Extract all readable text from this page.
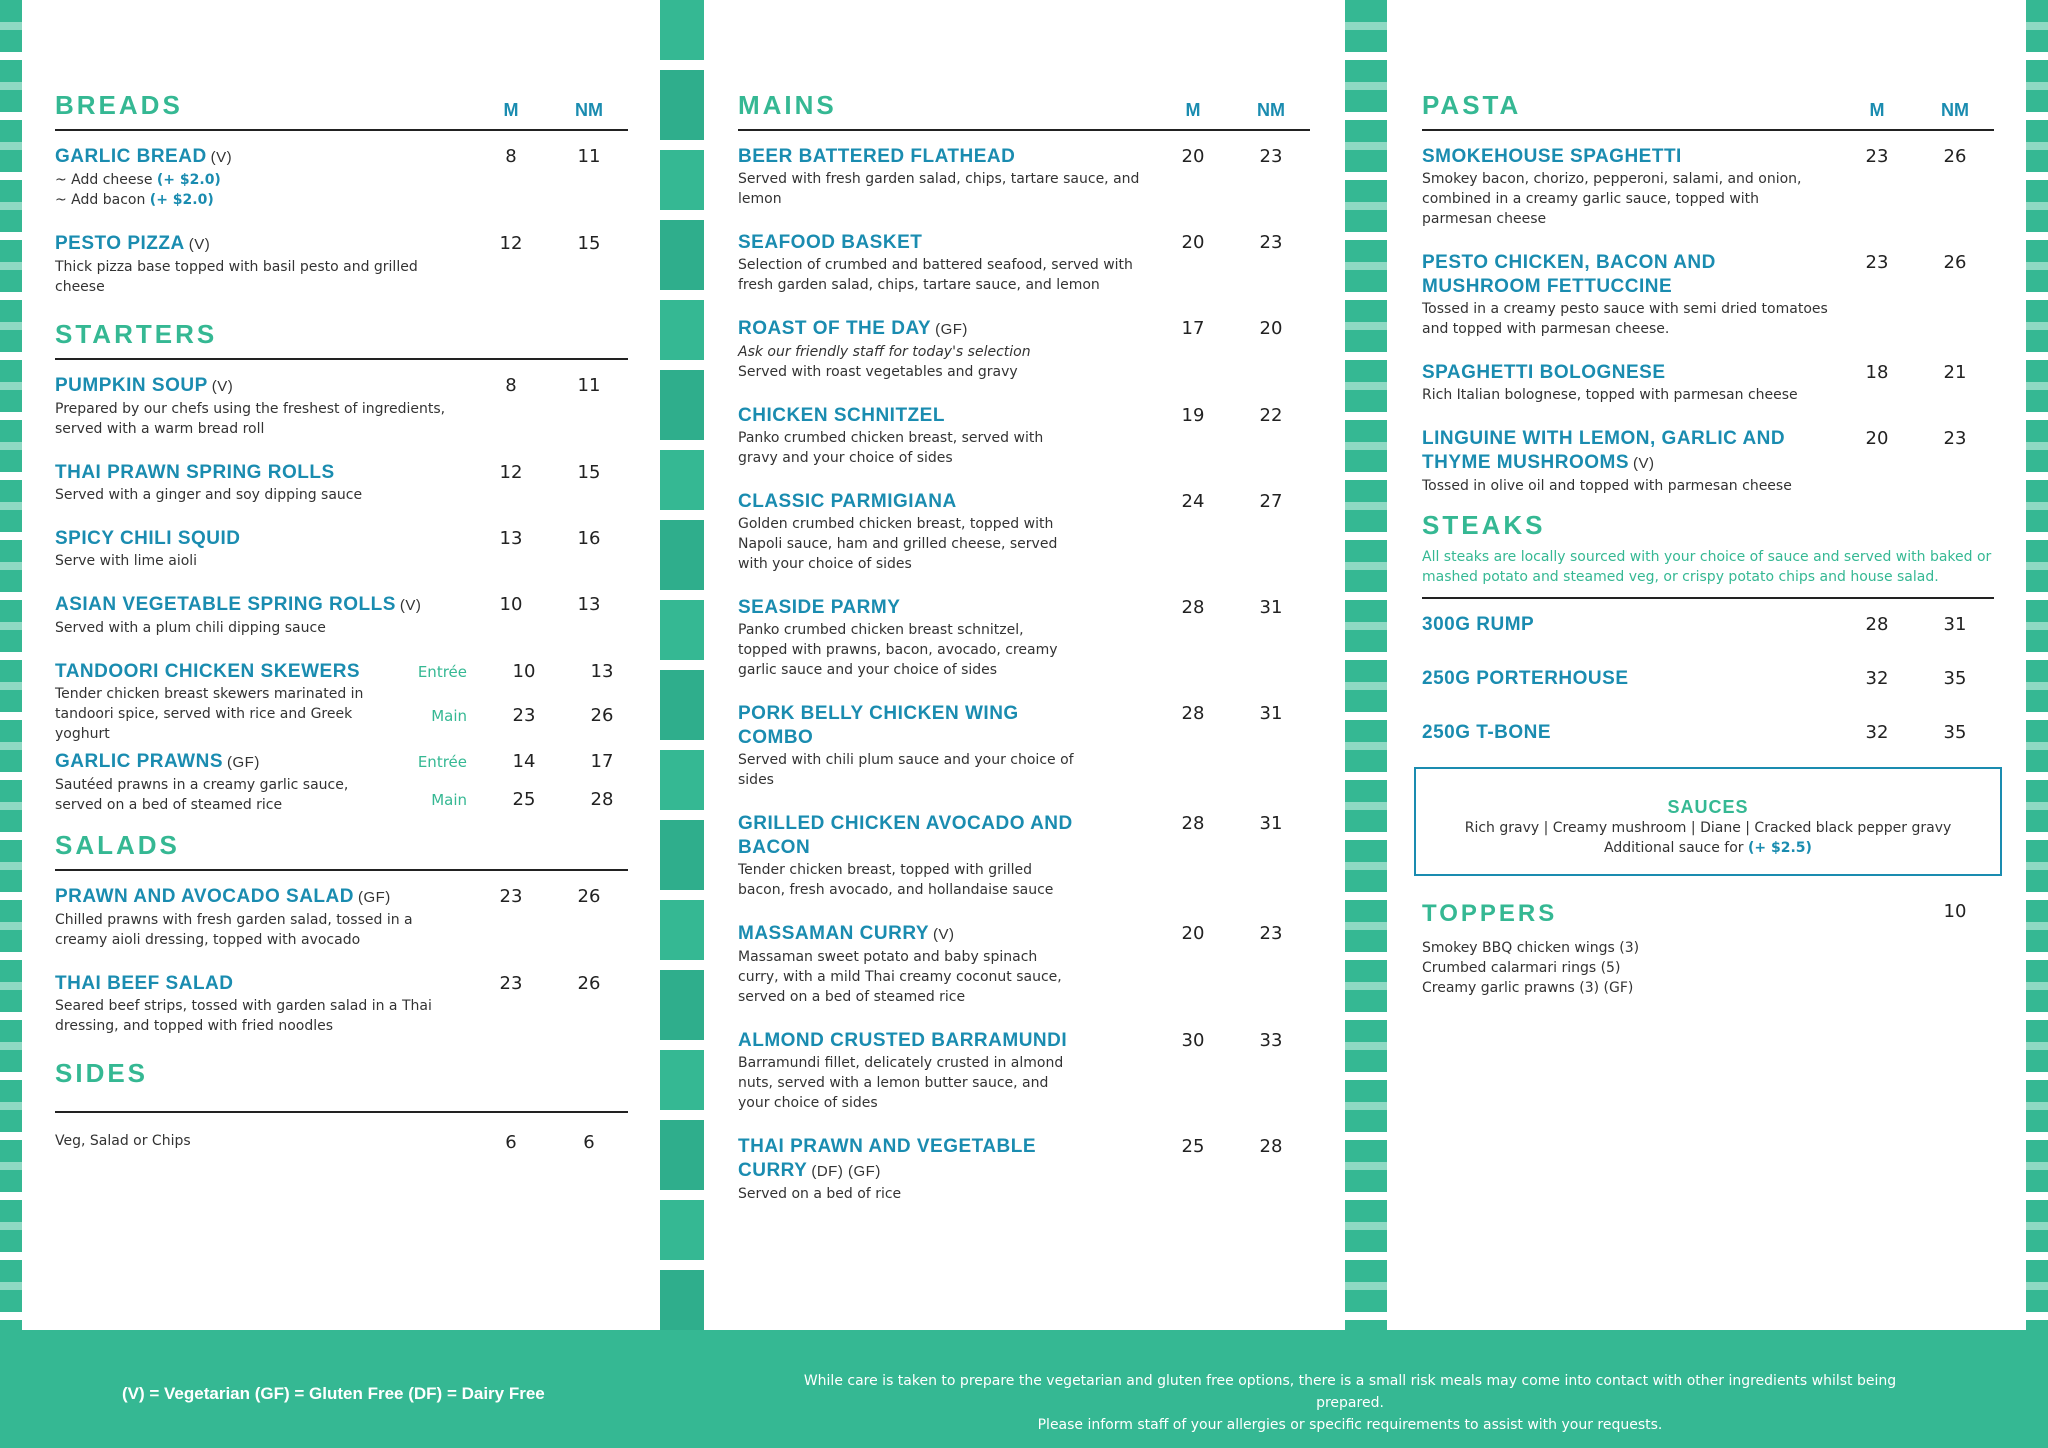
BREADS	M	NM
GARLIC BREAD (V)
~ Add cheese (+ $2.0)
~ Add bacon (+ $2.0)
8	11
PESTO PIZZA (V)
Thick pizza base topped with basil pesto and grilled cheese
12	15
STARTERS
PUMPKIN SOUP (V)
Prepared by our chefs using the freshest of ingredients, served with a warm bread roll
8	11
THAI PRAWN SPRING ROLLS
Served with a ginger and soy dipping sauce
12	15
SPICY CHILI SQUID
Serve with lime aioli
13	16
ASIAN VEGETABLE SPRING ROLLS (V)
Served with a plum chili dipping sauce
10	13
TANDOORI CHICKEN SKEWERS
Tender chicken breast skewers marinated in tandoori spice, served with rice and Greek yoghurt
Entrée	10	13
Main	23	26
GARLIC PRAWNS (GF)
Sautéed prawns in a creamy garlic sauce, served on a bed of steamed rice
Entrée	14	17
Main	25	28
SALADS
PRAWN AND AVOCADO SALAD (GF)
Chilled prawns with fresh garden salad, tossed in a creamy aioli dressing, topped with avocado
23	26
THAI BEEF SALAD
Seared beef strips, tossed with garden salad in a Thai dressing, and topped with fried noodles
23	26
SIDES
Veg, Salad or Chips	6	6
MAINS	M	NM
BEER BATTERED FLATHEAD
Served with fresh garden salad, chips, tartare sauce, and lemon
20	23
SEAFOOD BASKET
Selection of crumbed and battered seafood, served with fresh garden salad, chips, tartare sauce, and lemon
20	23
ROAST OF THE DAY (GF)
Ask our friendly staff for today's selection
Served with roast vegetables and gravy
17	20
CHICKEN SCHNITZEL
Panko crumbed chicken breast, served with gravy and your choice of sides
19	22
CLASSIC PARMIGIANA
Golden crumbed chicken breast, topped with Napoli sauce, ham and grilled cheese, served with your choice of sides
24	27
SEASIDE PARMY
Panko crumbed chicken breast schnitzel, topped with prawns, bacon, avocado, creamy garlic sauce and your choice of sides
28	31
PORK BELLY CHICKEN WING COMBO
Served with chili plum sauce and your choice of sides
28	31
GRILLED CHICKEN AVOCADO AND BACON
Tender chicken breast, topped with grilled bacon, fresh avocado, and hollandaise sauce
28	31
MASSAMAN CURRY (V)
Massaman sweet potato and baby spinach curry, with a mild Thai creamy coconut sauce, served on a bed of steamed rice
20	23
ALMOND CRUSTED BARRAMUNDI
Barramundi fillet, delicately crusted in almond nuts, served with a lemon butter sauce, and your choice of sides
30	33
THAI PRAWN AND VEGETABLE CURRY (DF) (GF)
Served on a bed of rice
25	28
PASTA	M	NM
SMOKEHOUSE SPAGHETTI
Smokey bacon, chorizo, pepperoni, salami, and onion, combined in a creamy garlic sauce, topped with parmesan cheese
23	26
PESTO CHICKEN, BACON AND MUSHROOM FETTUCCINE
Tossed in a creamy pesto sauce with semi dried tomatoes and topped with parmesan cheese.
23	26
SPAGHETTI BOLOGNESE
Rich Italian bolognese, topped with parmesan cheese
18	21
LINGUINE WITH LEMON, GARLIC AND THYME MUSHROOMS (V)
Tossed in olive oil and topped with parmesan cheese
20	23
STEAKS
All steaks are locally sourced with your choice of sauce and served with baked or mashed potato and steamed veg, or crispy potato chips and house salad.
300G RUMP	28	31
250G PORTERHOUSE	32	35
250G T-BONE	32	35
SAUCES
Rich gravy | Creamy mushroom | Diane | Cracked black pepper gravy
Additional sauce for (+ $2.5)
TOPPERS	10
Smokey BBQ chicken wings (3)
Crumbed calarmari rings (5)
Creamy garlic prawns (3) (GF)
(V) = Vegetarian (GF) = Gluten Free (DF) = Dairy Free
While care is taken to prepare the vegetarian and gluten free options, there is a small risk meals may come into contact with other ingredients whilst being prepared.
Please inform staff of your allergies or specific requirements to assist with your requests.
